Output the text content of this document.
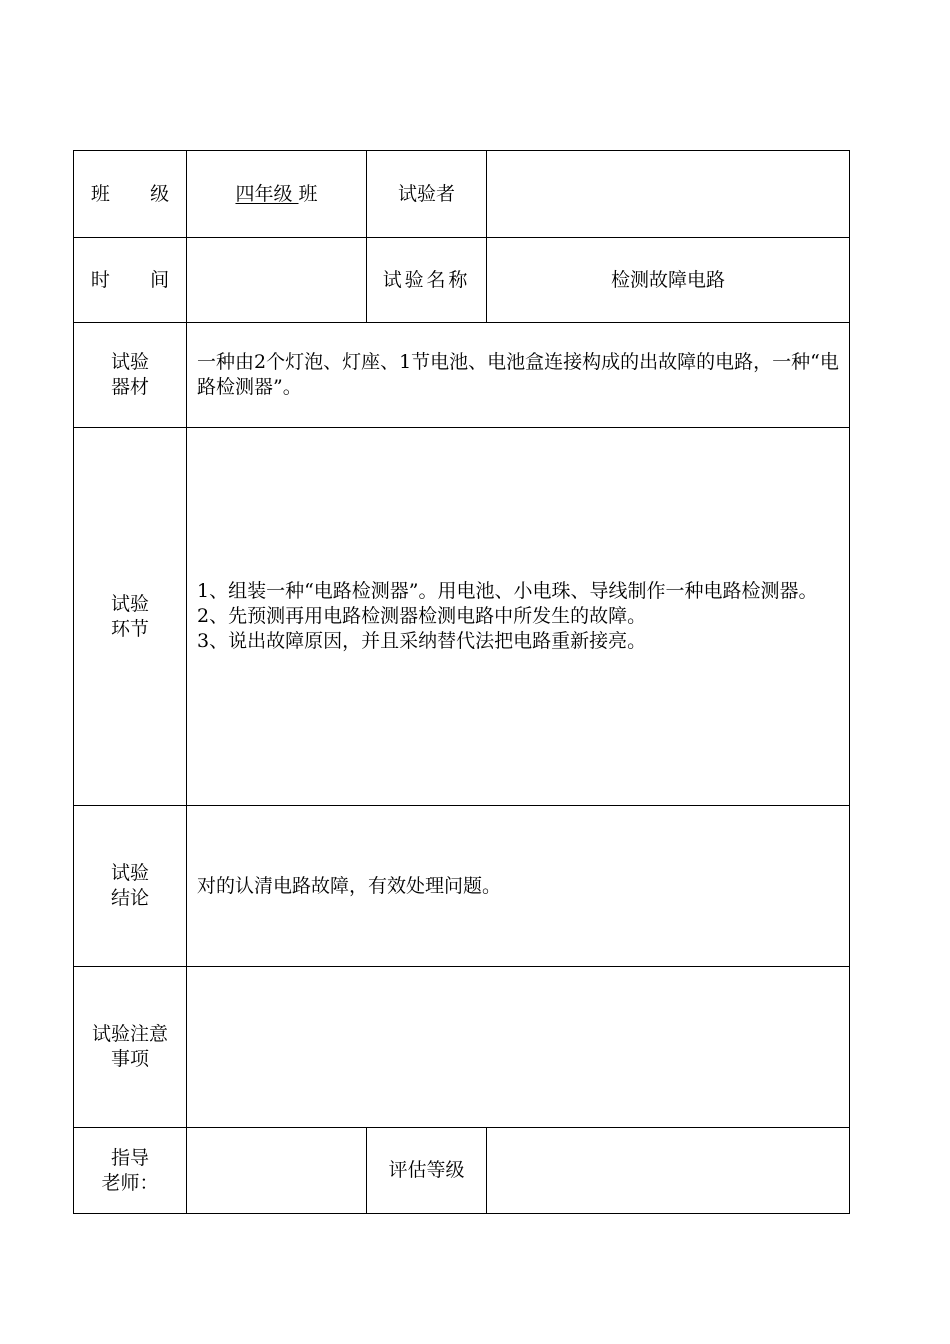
班 级	四年级 班	试验者	
时 间		试验名称	检测故障电路

试验
器材	一种由2个灯泡、灯座、1节电池、电池盒连接构成的出故障的电路，一种“电路检测器”。		

试验
环节	1、组装一种“电路检测器”。用电池、小电珠、导线制作一种电路检测器。
2、先预测再用电路检测器检测电路中所发生的故障。
3、说出故障原因，并且采纳替代法把电路重新接亮。		

试验
结论	对的认清电路故障，有效处理问题。		

试验注意
事项			

指导
老师：		评估等级	
